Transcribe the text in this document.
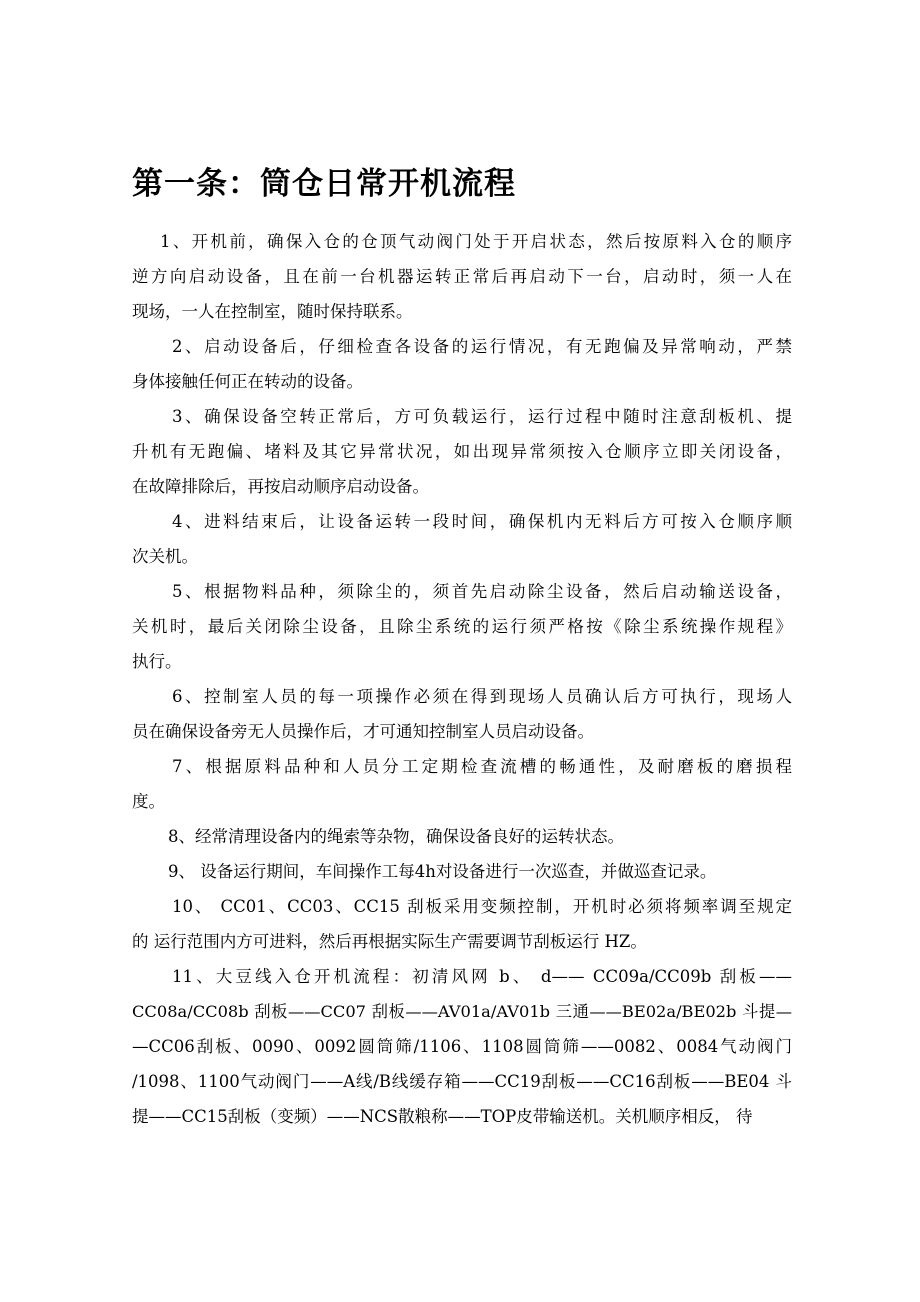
第一条：筒仓日常开机流程
1、开机前，确保入仓的仓顶气动阀门处于开启状态，然后按原料入仓的顺序
逆方向启动设备，且在前一台机器运转正常后再启动下一台，启动时，须一人在
现场，一人在控制室，随时保持联系。
2、启动设备后，仔细检查各设备的运行情况，有无跑偏及异常响动，严禁
身体接触任何正在转动的设备。
3、确保设备空转正常后，方可负载运行，运行过程中随时注意刮板机、提
升机有无跑偏、堵料及其它异常状况，如出现异常须按入仓顺序立即关闭设备，
在故障排除后，再按启动顺序启动设备。
4、进料结束后，让设备运转一段时间，确保机内无料后方可按入仓顺序顺
次关机。
5、根据物料品种，须除尘的，须首先启动除尘设备，然后启动输送设备，
关机时，最后关闭除尘设备，且除尘系统的运行须严格按《除尘系统操作规程》
执行。
6、控制室人员的每一项操作必须在得到现场人员确认后方可执行，现场人
员在确保设备旁无人员操作后，才可通知控制室人员启动设备。
7、根据原料品种和人员分工定期检查流槽的畅通性，及耐磨板的磨损程
度。
8、经常清理设备内的绳索等杂物，确保设备良好的运转状态。
9、 设备运行期间，车间操作工每4h对设备进行一次巡查，并做巡查记录。
10、 CC01、CC03、CC15 刮板采用变频控制，开机时必须将频率调至规定
的 运行范围内方可进料，然后再根据实际生产需要调节刮板运行 HZ。
11、大豆线入仓开机流程：初清风网 b、 d—— CC09a/CC09b 刮板——
CC08a/CC08b 刮板——CC07 刮板——AV01a/AV01b 三通——BE02a/BE02b 斗提—
—CC06刮板、0090、0092圆筒筛/1106、1108圆筒筛——0082、0084气动阀门
/1098、1100气动阀门——A线/B线缓存箱——CC19刮板——CC16刮板——BE04 斗
提——CC15刮板（变频）——NCS散粮称——TOP皮带输送机。关机顺序相反， 待
